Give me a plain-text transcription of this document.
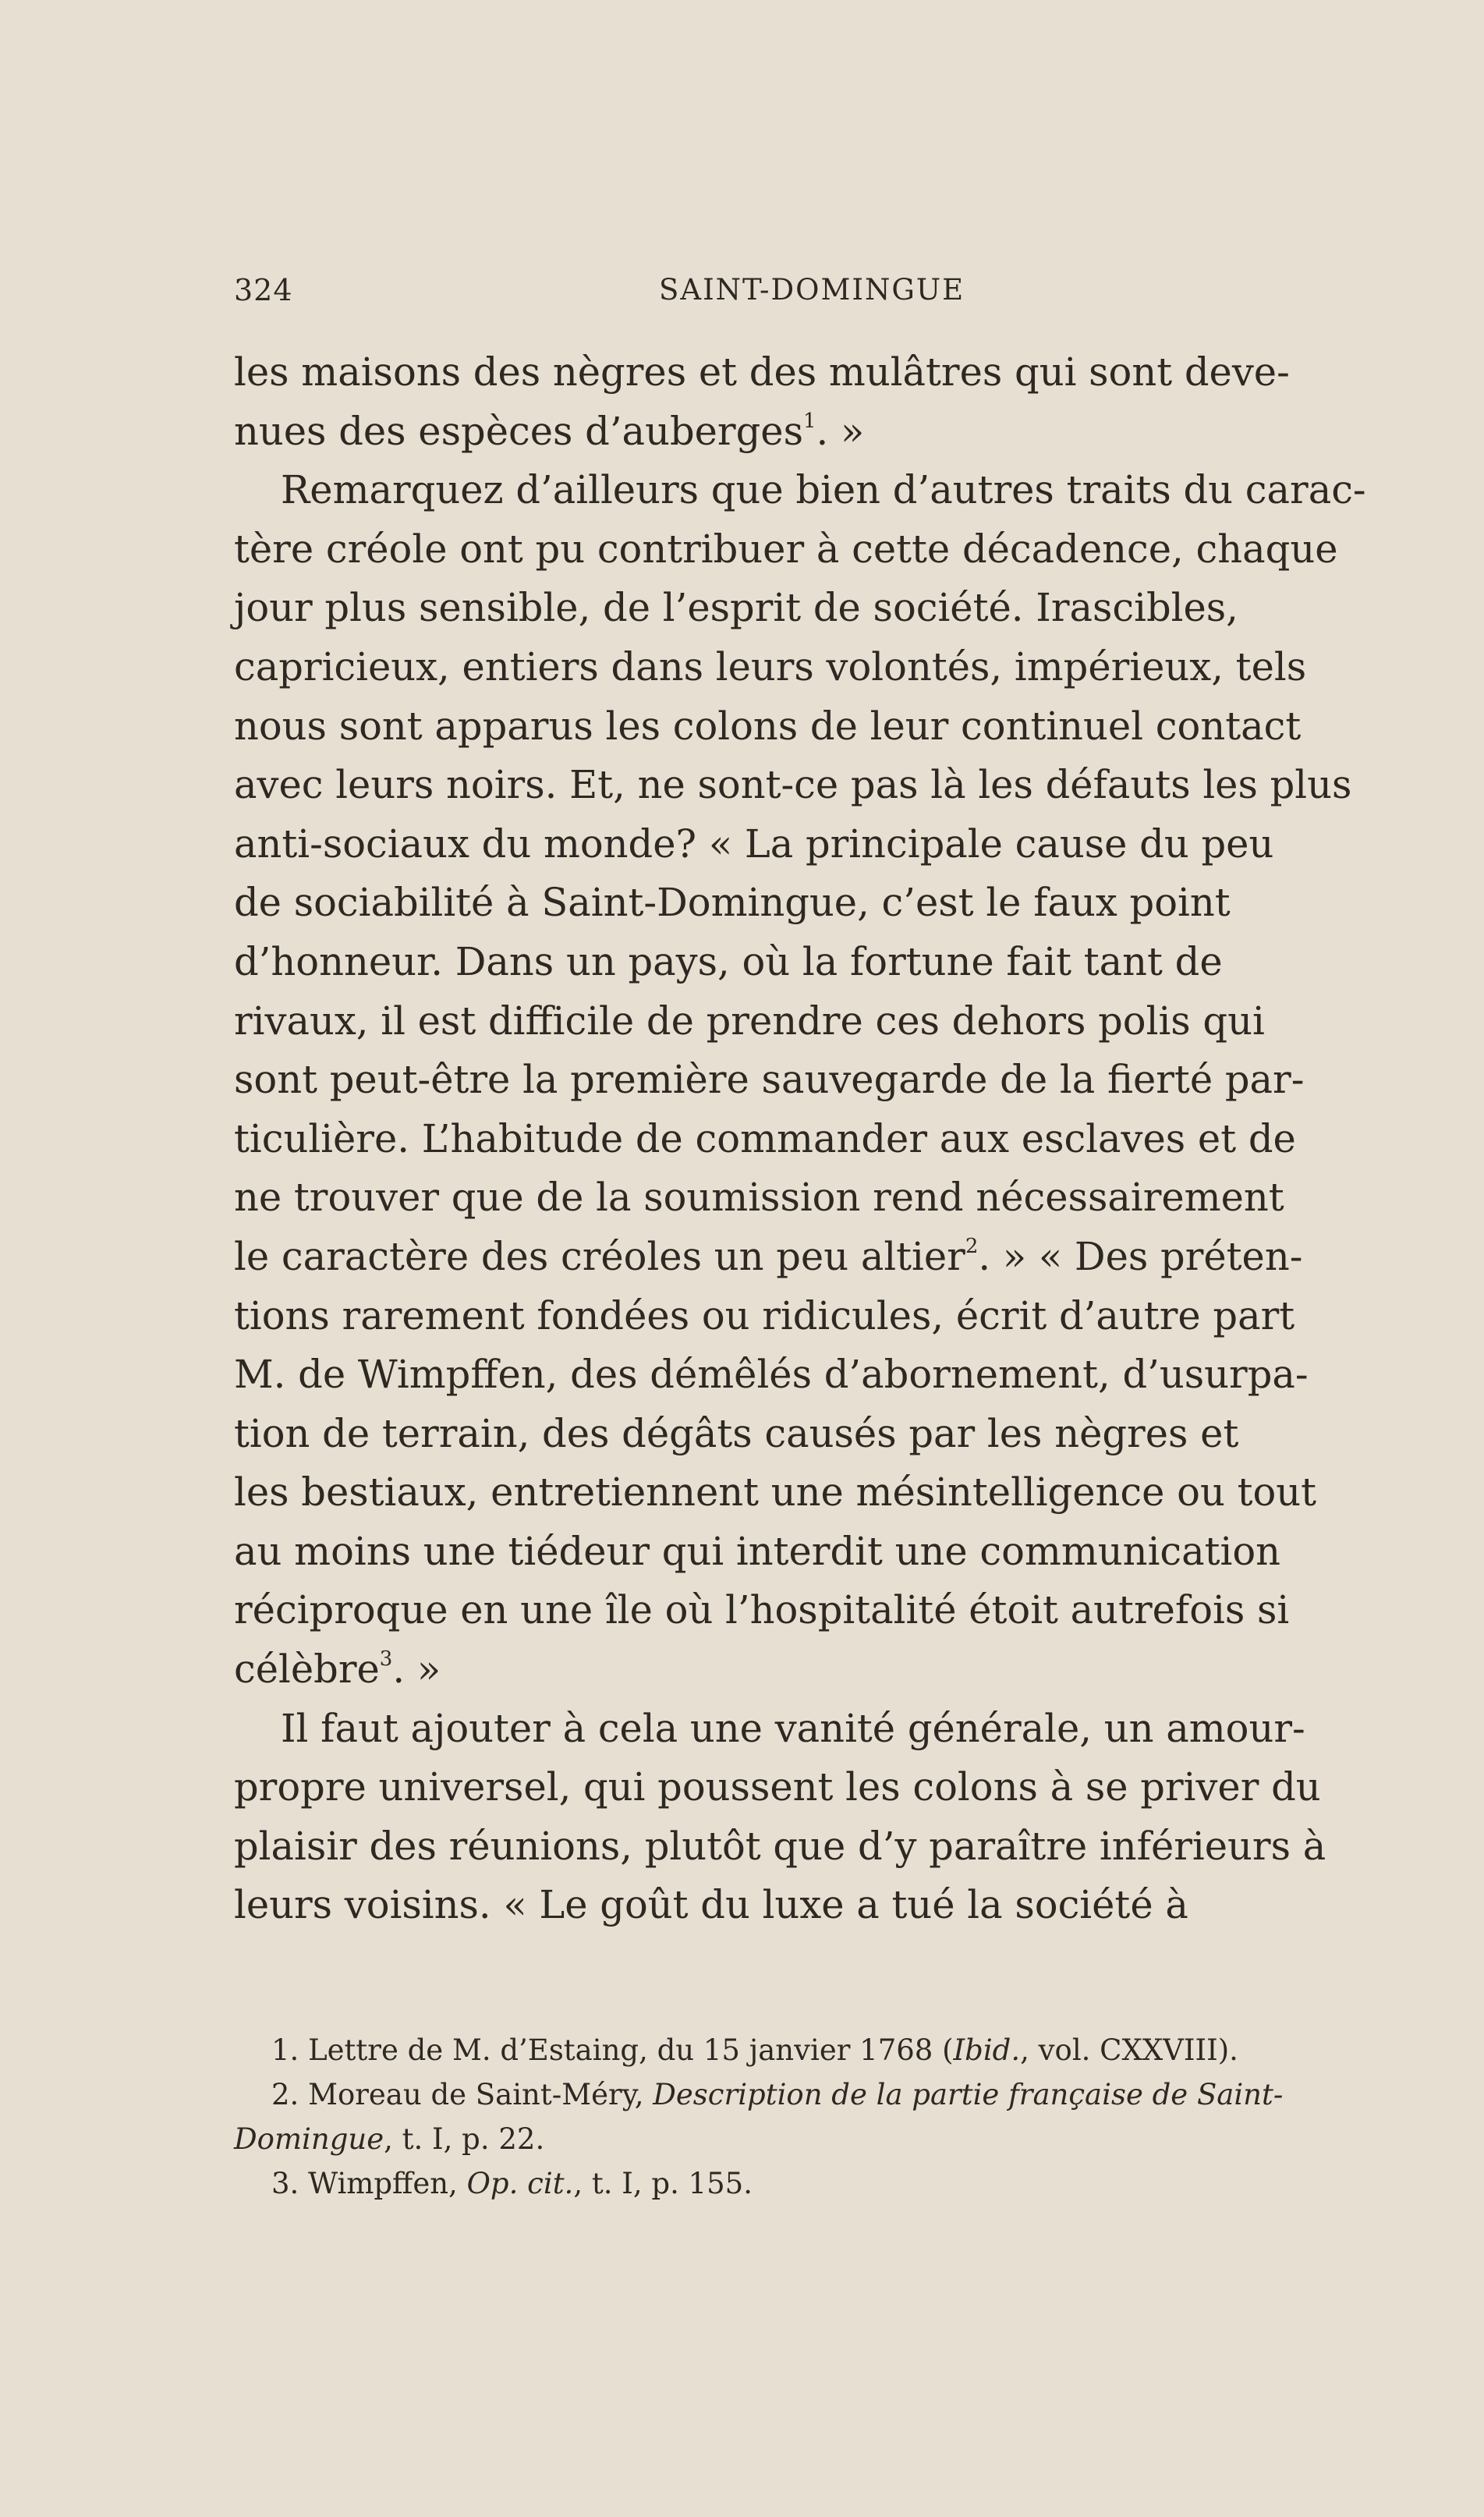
324	SAINT-DOMINGUE
les maisons des nègres et des mulâtres qui sont deve-
nues des espèces d’auberges$^1$. »
Remarquez d’ailleurs que bien d’autres traits du carac-
tère créole ont pu contribuer à cette décadence, chaque
jour plus sensible, de l’esprit de société. Irascibles,
capricieux, entiers dans leurs volontés, impérieux, tels
nous sont apparus les colons de leur continuel contact
avec leurs noirs. Et, ne sont-ce pas là les défauts les plus
anti-sociaux du monde? « La principale cause du peu
de sociabilité à Saint-Domingue, c’est le faux point
d’honneur. Dans un pays, où la fortune fait tant de
rivaux, il est difficile de prendre ces dehors polis qui
sont peut-être la première sauvegarde de la fierté par-
ticulière. L’habitude de commander aux esclaves et de
ne trouver que de la soumission rend nécessairement
le caractère des créoles un peu altier$^2$. » « Des préten-
tions rarement fondées ou ridicules, écrit d’autre part
M. de Wimpffen, des démêlés d’abornement, d’usurpa-
tion de terrain, des dégâts causés par les nègres et
les bestiaux, entretiennent une mésintelligence ou tout
au moins une tiédeur qui interdit une communication
réciproque en une île où l’hospitalité étoit autrefois si
célèbre$^3$. »
Il faut ajouter à cela une vanité générale, un amour-
propre universel, qui poussent les colons à se priver du
plaisir des réunions, plutôt que d’y paraître inférieurs à
leurs voisins. « Le goût du luxe a tué la société à
1. Lettre de M. d’Estaing, du 15 janvier 1768 (Ibid., vol. CXXVIII).
2. Moreau de Saint-Méry, Description de la partie française de Saint-
Domingue, t. I, p. 22.
3. Wimpffen, Op. cit., t. I, p. 155.
